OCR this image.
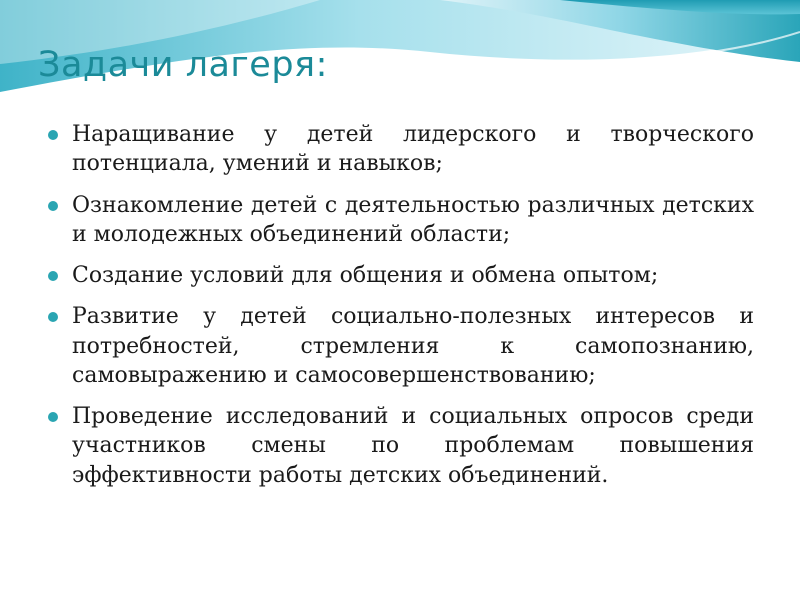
Задачи лагеря:
Наращивание у детей лидерского и творческого потенциала, умений и навыков;
Ознакомление детей с деятельностью различных детских и молодежных объединений области;
Создание условий для общения и обмена опытом;
Развитие у детей социально-полезных интересов и потребностей, стремления к самопознанию, самовыражению и самосовершенствованию;
Проведение исследований и социальных опросов среди участников смены по проблемам повышения эффективности работы детских объединений.
